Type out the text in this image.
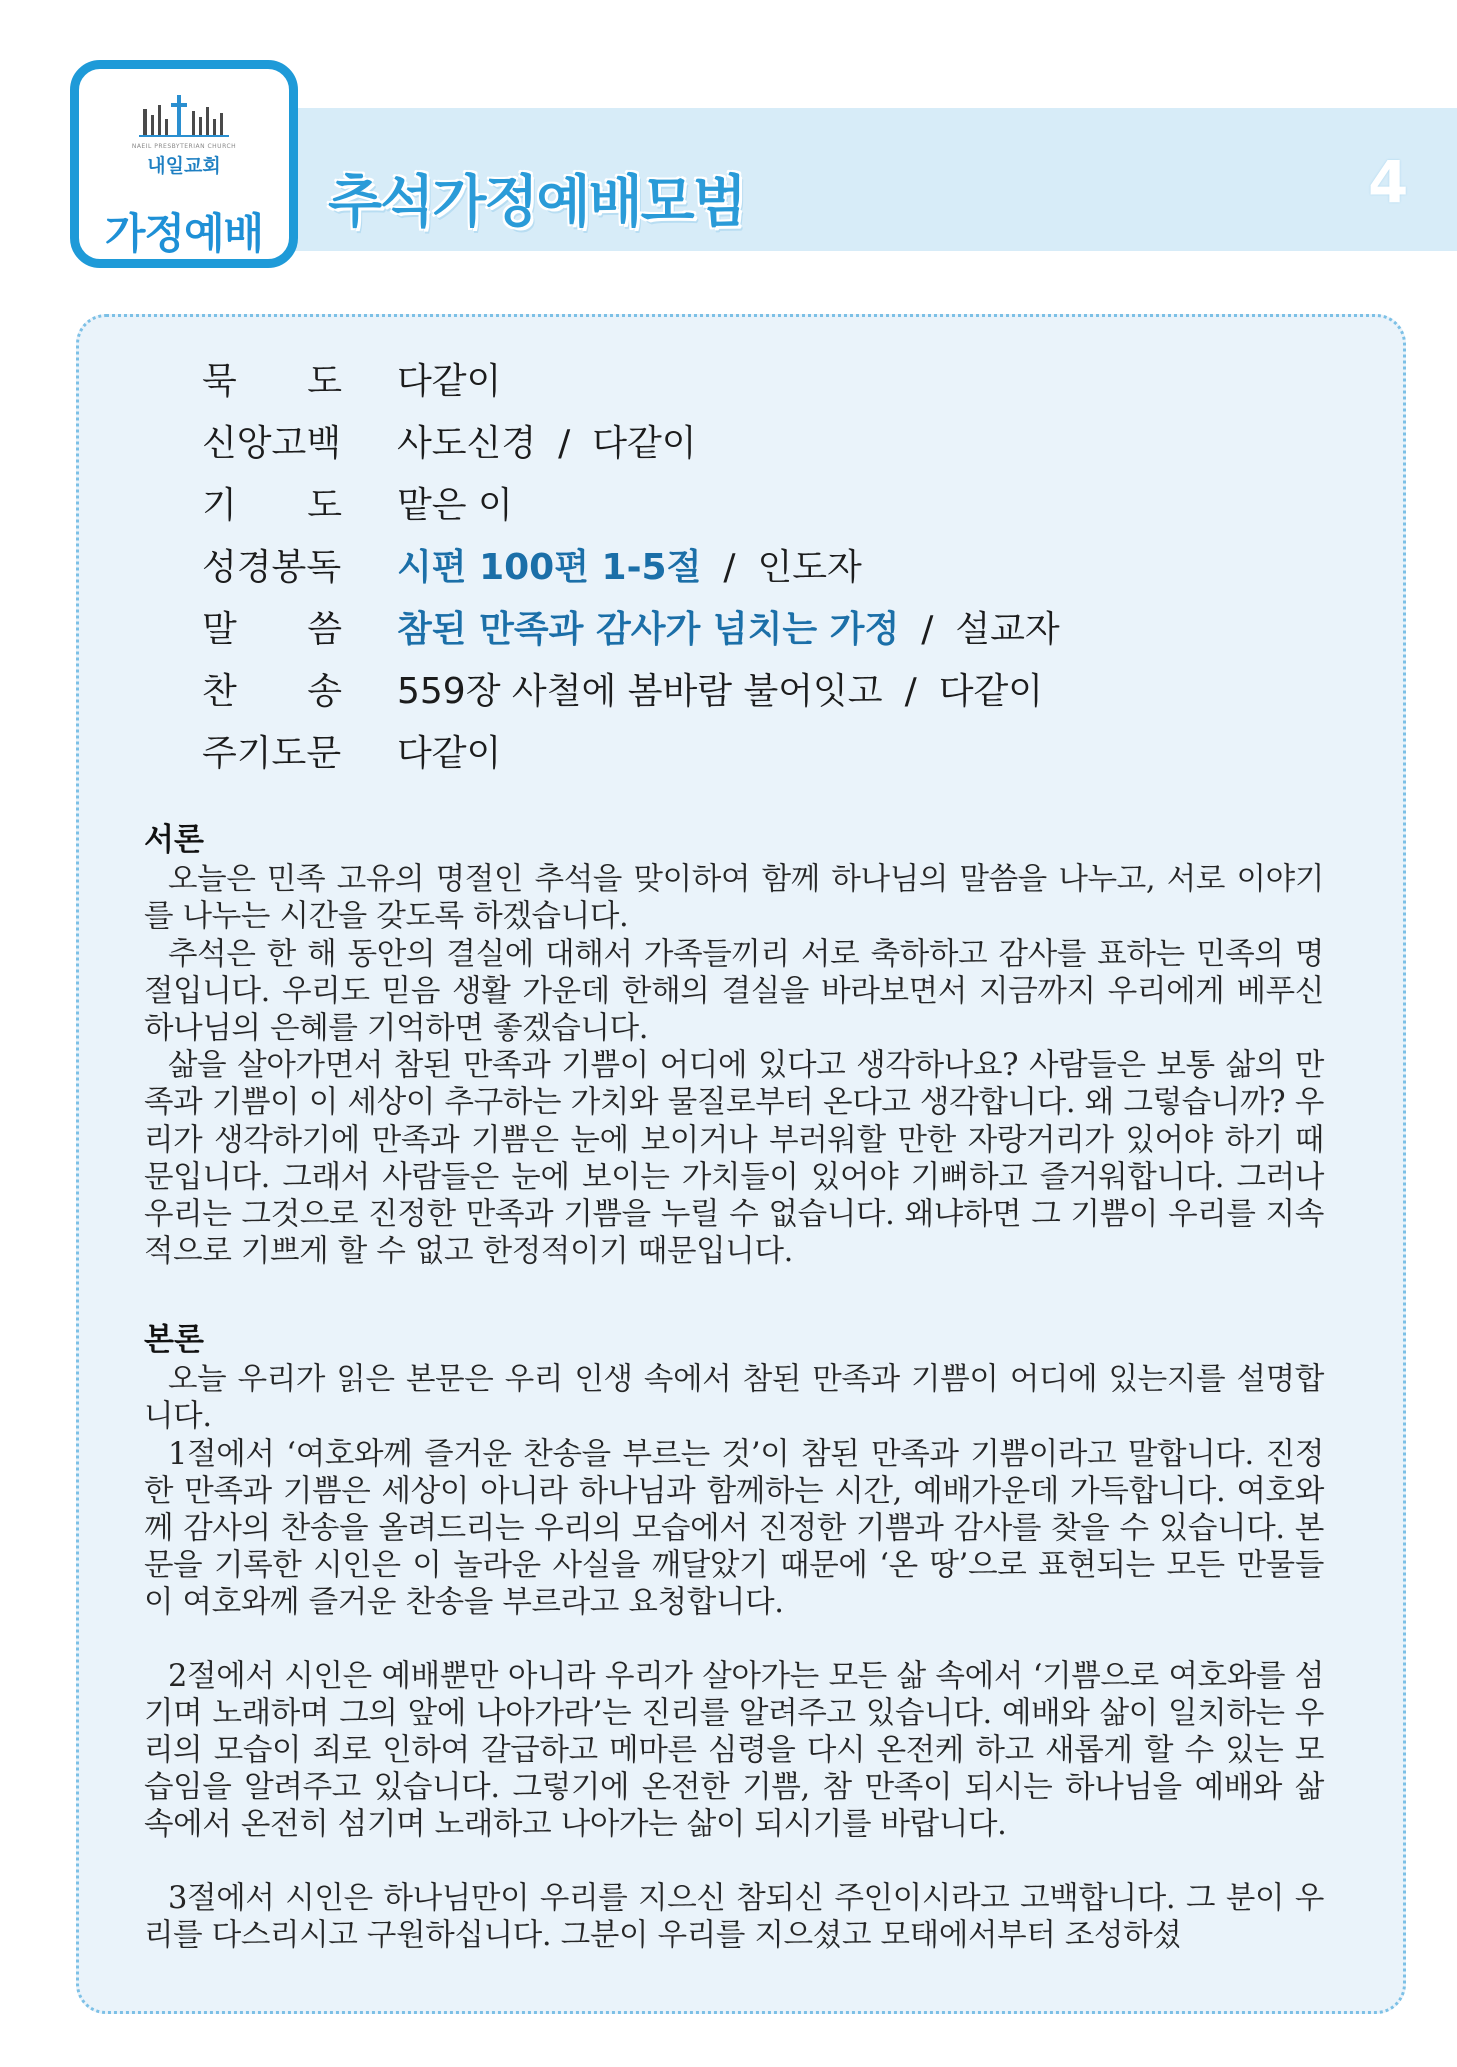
NAEIL PRESBYTERIAN CHURCH
내일교회
가정예배	추석가정예배모범	4
묵 도 다같이
신앙고백 사도신경 / 다같이
기 도 맡은 이
성경봉독 시편 100편 1-5절 / 인도자
말 씀 참된 만족과 감사가 넘치는 가정 / 설교자
찬 송 559장 사철에 봄바람 불어잇고 / 다같이
주기도문 다같이
서론

오늘은 민족 고유의 명절인 추석을 맞이하여 함께 하나님의 말씀을 나누고, 서로 이야기를 나누는 시간을 갖도록 하겠습니다.

추석은 한 해 동안의 결실에 대해서 가족들끼리 서로 축하하고 감사를 표하는 민족의 명절입니다. 우리도 믿음 생활 가운데 한해의 결실을 바라보면서 지금까지 우리에게 베푸신 하나님의 은혜를 기억하면 좋겠습니다.

삶을 살아가면서 참된 만족과 기쁨이 어디에 있다고 생각하나요? 사람들은 보통 삶의 만족과 기쁨이 이 세상이 추구하는 가치와 물질로부터 온다고 생각합니다. 왜 그렇습니까? 우리가 생각하기에 만족과 기쁨은 눈에 보이거나 부러워할 만한 자랑거리가 있어야 하기 때문입니다. 그래서 사람들은 눈에 보이는 가치들이 있어야 기뻐하고 즐거워합니다. 그러나 우리는 그것으로 진정한 만족과 기쁨을 누릴 수 없습니다. 왜냐하면 그 기쁨이 우리를 지속적으로 기쁘게 할 수 없고 한정적이기 때문입니다.

본론

오늘 우리가 읽은 본문은 우리 인생 속에서 참된 만족과 기쁨이 어디에 있는지를 설명합니다.

1절에서 ‘여호와께 즐거운 찬송을 부르는 것’이 참된 만족과 기쁨이라고 말합니다. 진정한 만족과 기쁨은 세상이 아니라 하나님과 함께하는 시간, 예배가운데 가득합니다. 여호와께 감사의 찬송을 올려드리는 우리의 모습에서 진정한 기쁨과 감사를 찾을 수 있습니다. 본문을 기록한 시인은 이 놀라운 사실을 깨달았기 때문에 ‘온 땅’으로 표현되는 모든 만물들이 여호와께 즐거운 찬송을 부르라고 요청합니다.

2절에서 시인은 예배뿐만 아니라 우리가 살아가는 모든 삶 속에서 ‘기쁨으로 여호와를 섬기며 노래하며 그의 앞에 나아가라’는 진리를 알려주고 있습니다. 예배와 삶이 일치하는 우리의 모습이 죄로 인하여 갈급하고 메마른 심령을 다시 온전케 하고 새롭게 할 수 있는 모습임을 알려주고 있습니다. 그렇기에 온전한 기쁨, 참 만족이 되시는 하나님을 예배와 삶 속에서 온전히 섬기며 노래하고 나아가는 삶이 되시기를 바랍니다.

3절에서 시인은 하나님만이 우리를 지으신 참되신 주인이시라고 고백합니다. 그 분이 우리를 다스리시고 구원하십니다. 그분이 우리를 지으셨고 모태에서부터 조성하셨
